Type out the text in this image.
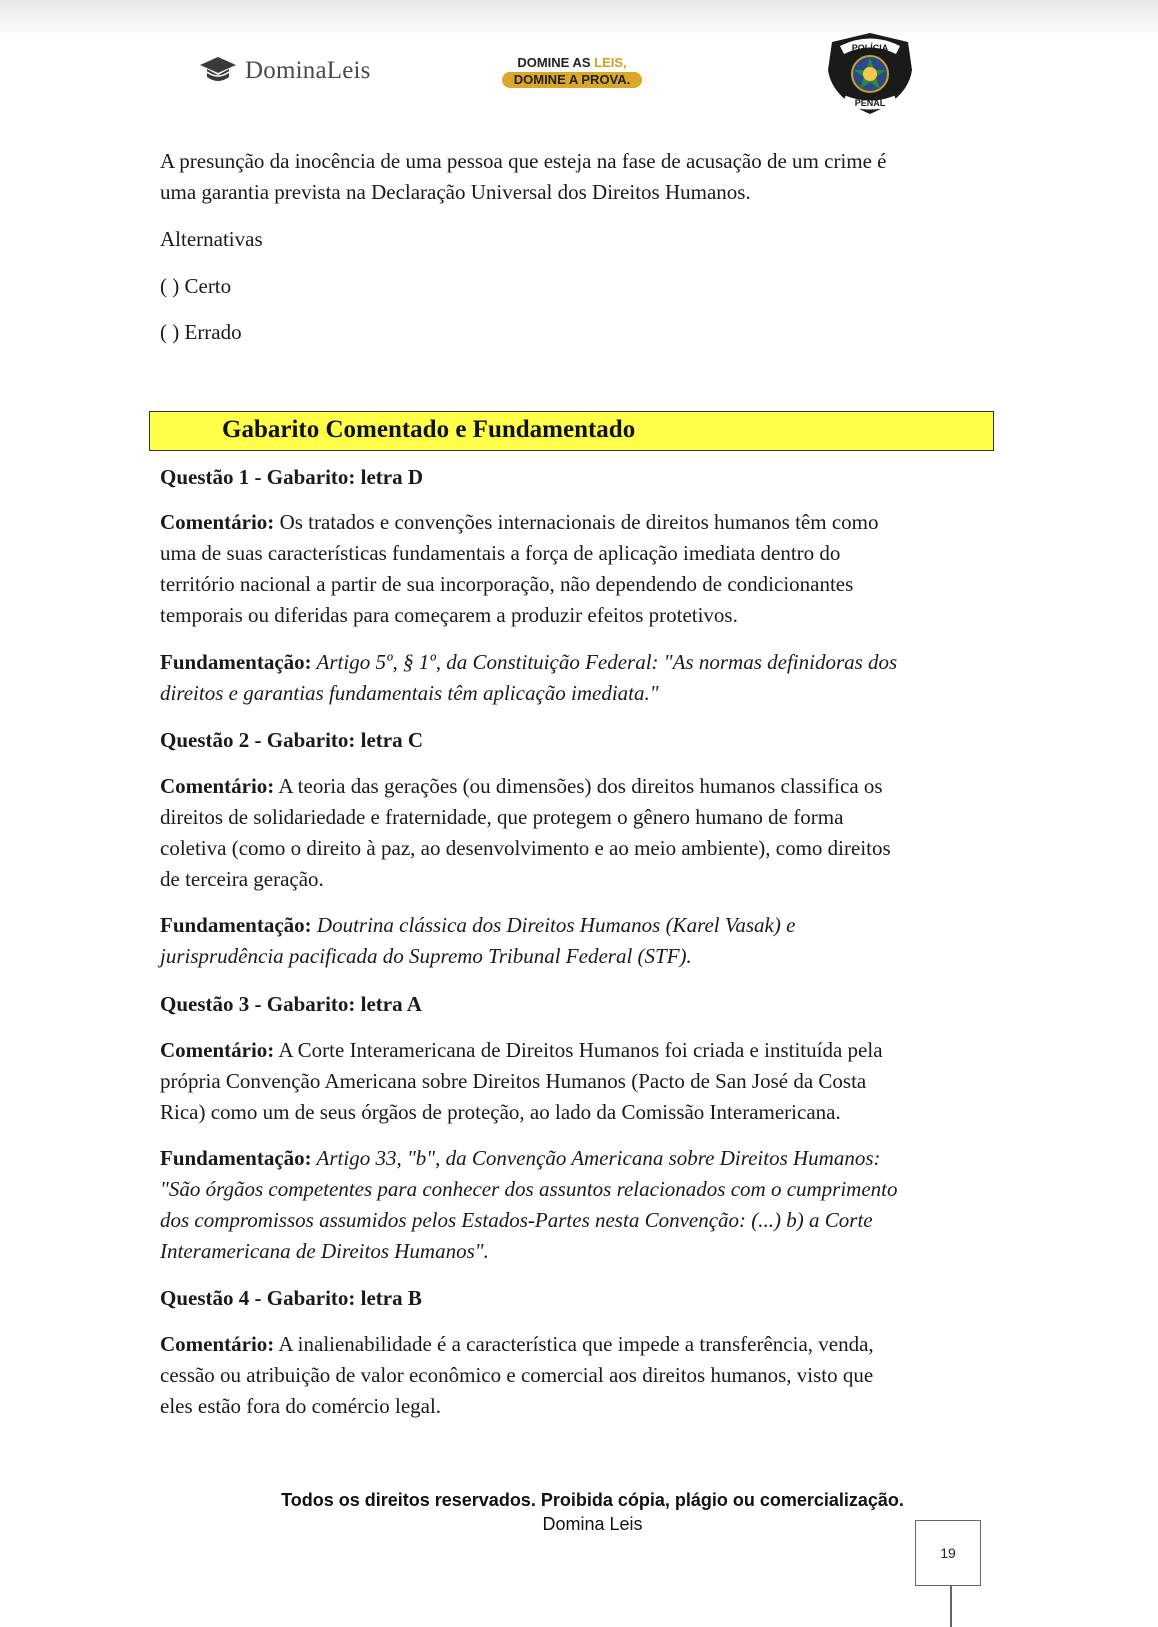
DominaLeis	DOMINE AS LEIS,
DOMINE A PROVA.
POLÍCIA
PENAL

A presunção da inocência de uma pessoa que esteja na fase de acusação de um crime é
uma garantia prevista na Declaração Universal dos Direitos Humanos.

Alternativas

( ) Certo

( ) Errado

Gabarito Comentado e Fundamentado

Questão 1 - Gabarito: letra D

Comentário: Os tratados e convenções internacionais de direitos humanos têm como
uma de suas características fundamentais a força de aplicação imediata dentro do
território nacional a partir de sua incorporação, não dependendo de condicionantes
temporais ou diferidas para começarem a produzir efeitos protetivos.

Fundamentação: Artigo 5º, § 1º, da Constituição Federal: "As normas definidoras dos
direitos e garantias fundamentais têm aplicação imediata."

Questão 2 - Gabarito: letra C

Comentário: A teoria das gerações (ou dimensões) dos direitos humanos classifica os
direitos de solidariedade e fraternidade, que protegem o gênero humano de forma
coletiva (como o direito à paz, ao desenvolvimento e ao meio ambiente), como direitos
de terceira geração.

Fundamentação: Doutrina clássica dos Direitos Humanos (Karel Vasak) e
jurisprudência pacificada do Supremo Tribunal Federal (STF).

Questão 3 - Gabarito: letra A

Comentário: A Corte Interamericana de Direitos Humanos foi criada e instituída pela
própria Convenção Americana sobre Direitos Humanos (Pacto de San José da Costa
Rica) como um de seus órgãos de proteção, ao lado da Comissão Interamericana.

Fundamentação: Artigo 33, "b", da Convenção Americana sobre Direitos Humanos:
"São órgãos competentes para conhecer dos assuntos relacionados com o cumprimento
dos compromissos assumidos pelos Estados-Partes nesta Convenção: (...) b) a Corte
Interamericana de Direitos Humanos".

Questão 4 - Gabarito: letra B

Comentário: A inalienabilidade é a característica que impede a transferência, venda,
cessão ou atribuição de valor econômico e comercial aos direitos humanos, visto que
eles estão fora do comércio legal.

Todos os direitos reservados. Proibida cópia, plágio ou comercialização.
Domina Leis
19
